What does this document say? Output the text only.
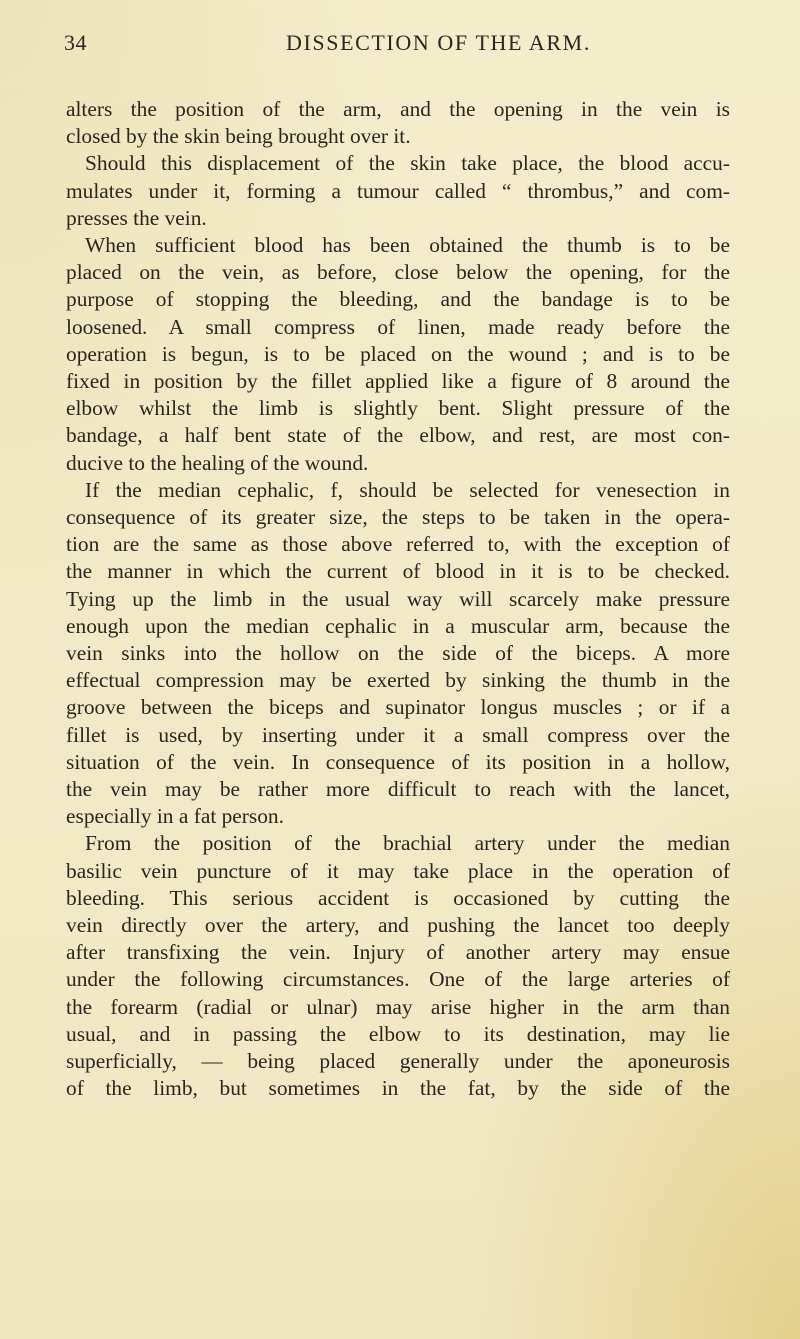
34	DISSECTION OF THE ARM.
alters the position of the arm, and the opening in the vein is
closed by the skin being brought over it.
Should this displacement of the skin take place, the blood accu-
mulates under it, forming a tumour called “ thrombus,” and com-
presses the vein.
When sufficient blood has been obtained the thumb is to be
placed on the vein, as before, close below the opening, for the
purpose of stopping the bleeding, and the bandage is to be
loosened. A small compress of linen, made ready before the
operation is begun, is to be placed on the wound ; and is to be
fixed in position by the fillet applied like a figure of 8 around the
elbow whilst the limb is slightly bent. Slight pressure of the
bandage, a half bent state of the elbow, and rest, are most con-
ducive to the healing of the wound.
If the median cephalic, f, should be selected for venesection in
consequence of its greater size, the steps to be taken in the opera-
tion are the same as those above referred to, with the exception of
the manner in which the current of blood in it is to be checked.
Tying up the limb in the usual way will scarcely make pressure
enough upon the median cephalic in a muscular arm, because the
vein sinks into the hollow on the side of the biceps. A more
effectual compression may be exerted by sinking the thumb in the
groove between the biceps and supinator longus muscles ; or if a
fillet is used, by inserting under it a small compress over the
situation of the vein. In consequence of its position in a hollow,
the vein may be rather more difficult to reach with the lancet,
especially in a fat person.
From the position of the brachial artery under the median
basilic vein puncture of it may take place in the operation of
bleeding. This serious accident is occasioned by cutting the
vein directly over the artery, and pushing the lancet too deeply
after transfixing the vein. Injury of another artery may ensue
under the following circumstances. One of the large arteries of
the forearm (radial or ulnar) may arise higher in the arm than
usual, and in passing the elbow to its destination, may lie
superficially, — being placed generally under the aponeurosis
of the limb, but sometimes in the fat, by the side of the
